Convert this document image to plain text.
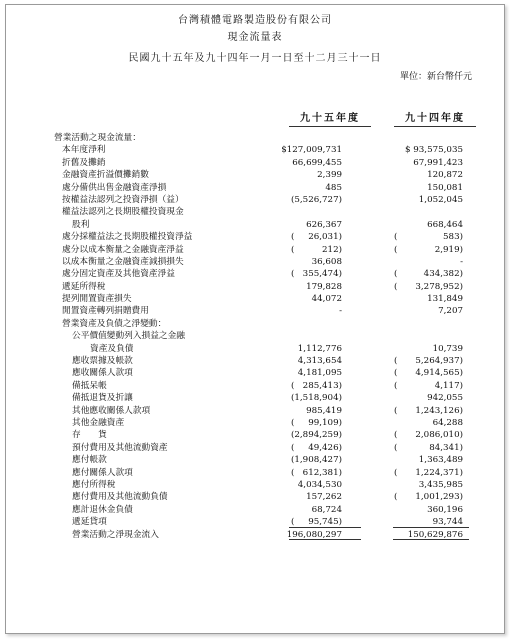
台灣積體電路製造股份有限公司
現金流量表
民國九十五年及九十四年一月一日至十二月三十一日
單位：新台幣仟元
九十五年度	九十四年度
營業活動之現金流量：
本年度淨利	$127,009,731	$ 93,575,035
折舊及攤銷	66,699,455	67,991,423
金融資產折溢價攤銷數	2,399	120,872
處分備供出售金融資產淨損	485	150,081
按權益法認列之投資淨損（益）	( 5,526,727)	1,052,045
權益法認列之長期股權投資現金
股利	626,367	668,464
處分採權益法之長期股權投資淨益	( 26,031)	(	583)
處分以成本衡量之金融資產淨益	(	212)	(	2,919)
以成本衡量之金融資產減損損失	36,608	-
處分固定資產及其他資產淨益	( 355,474)	(	434,382)
遞延所得稅	179,828	( 3,278,952)
提列閒置資產損失	44,072	131,849
閒置資產轉列捐贈費用	-	7,207
營業資產及負債之淨變動：
公平價值變動列入損益之金融
資產及負債	1,112,776	10,739
應收票據及帳款	4,313,654	( 5,264,937)
應收關係人款項	4,181,095	( 4,914,565)
備抵呆帳	( 285,413)	(	4,117)
備抵退貨及折讓	( 1,518,904)	942,055
其他應收關係人款項	985,419	( 1,243,126)
其他金融資產	( 99,109)	64,288
存　　貨	( 2,894,259)	( 2,086,010)
預付費用及其他流動資產	( 49,426)	(	84,341)
應付帳款	( 1,908,427)	1,363,489
應付關係人款項	( 612,381)	( 1,224,371)
應付所得稅	4,034,530	3,435,985
應付費用及其他流動負債	157,262	( 1,001,293)
應計退休金負債	68,724	360,196
遞延貸項	( 95,745)	93,744
營業活動之淨現金流入	196,080,297	150,629,876
